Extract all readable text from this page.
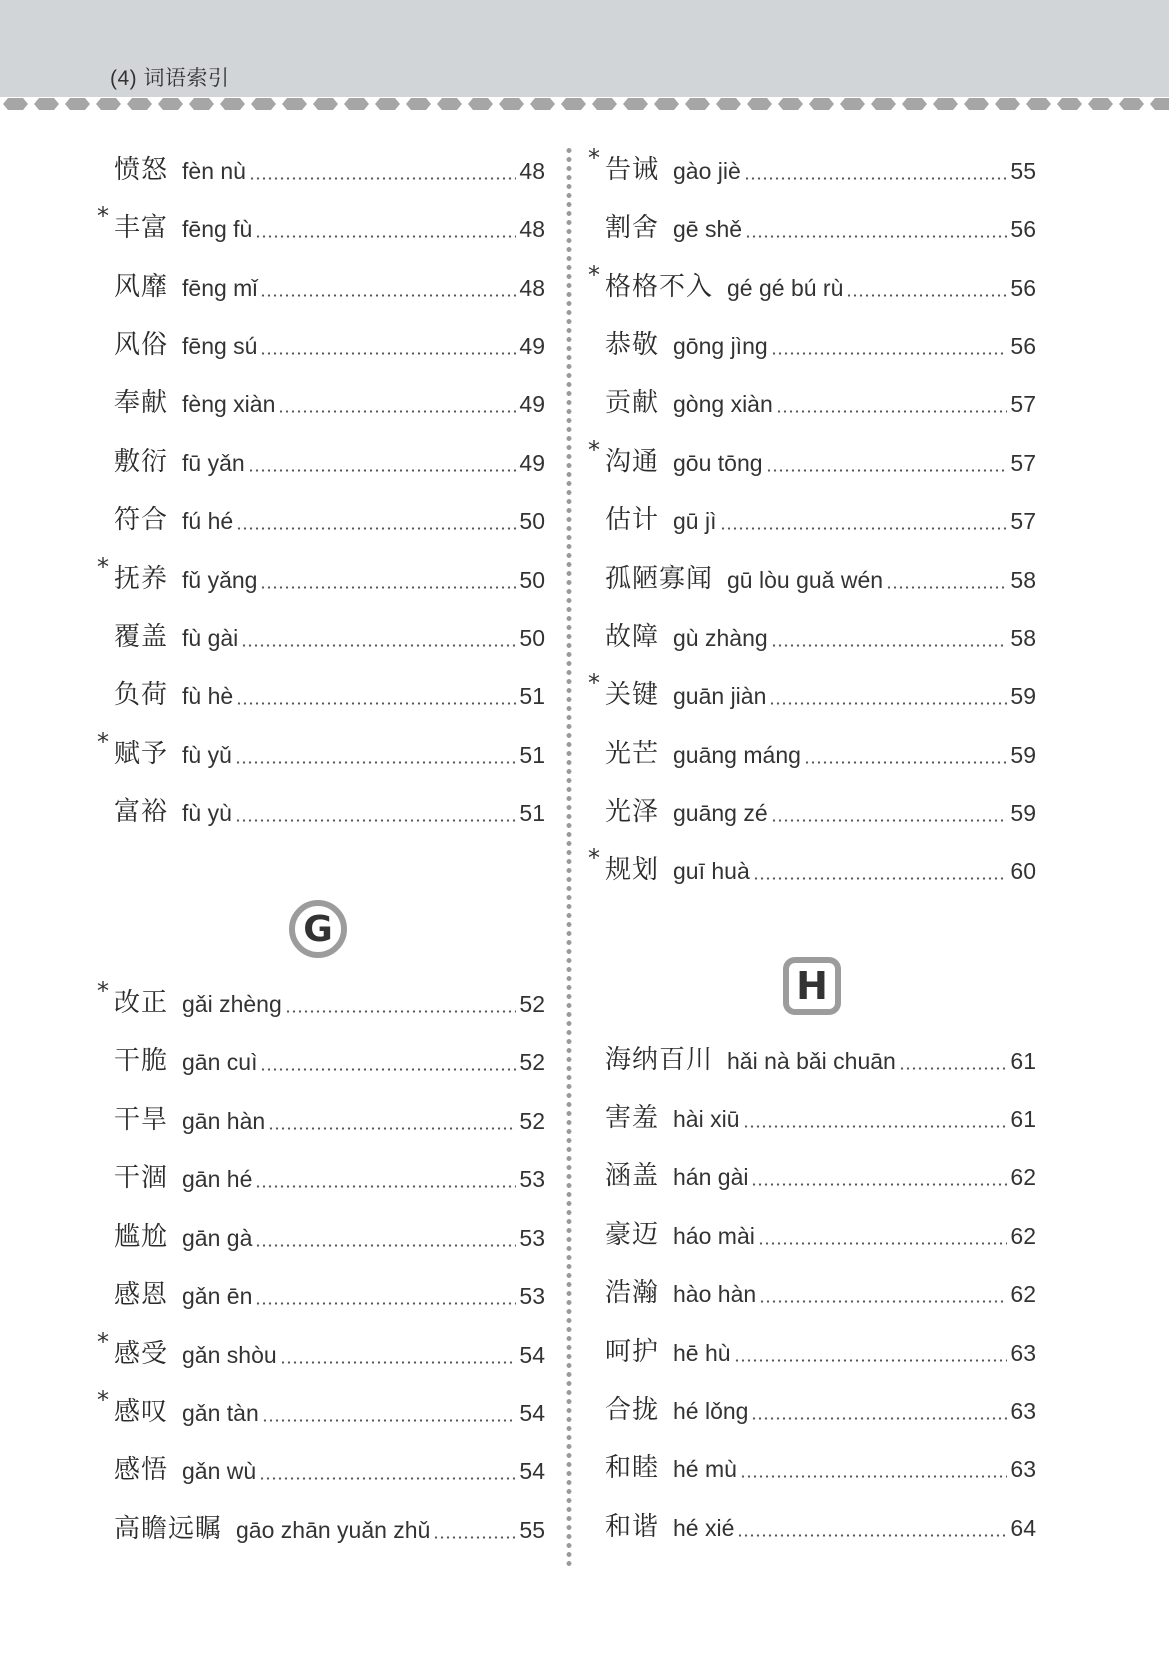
(4) 词语索引
愤怒 fèn nù	48
* 丰富 fēng fù	48
风靡 fēng mǐ	48
风俗 fēng sú	49
奉献 fèng xiàn	49
敷衍 fū yǎn	49
符合 fú hé	50
* 抚养 fǔ yǎng	50
覆盖 fù gài	50
负荷 fù hè	51
* 赋予 fù yǔ	51
富裕 fù yù	51
G
* 改正 gǎi zhèng	52
干脆 gān cuì	52
干旱 gān hàn	52
干涸 gān hé	53
尴尬 gān gà	53
感恩 gǎn ēn	53
* 感受 gǎn shòu	54
* 感叹 gǎn tàn	54
感悟 gǎn wù	54
高瞻远瞩 gāo zhān yuǎn zhǔ	55
* 告诫 gào jiè	55
割舍 gē shě	56
* 格格不入 gé gé bú rù	56
恭敬 gōng jìng	56
贡献 gòng xiàn	57
* 沟通 gōu tōng	57
估计 gū jì	57
孤陋寡闻 gū lòu guǎ wén	58
故障 gù zhàng	58
* 关键 guān jiàn	59
光芒 guāng máng	59
光泽 guāng zé	59
* 规划 guī huà	60
H
海纳百川 hǎi nà bǎi chuān	61
害羞 hài xiū	61
涵盖 hán gài	62
豪迈 háo mài	62
浩瀚 hào hàn	62
呵护 hē hù	63
合拢 hé lǒng	63
和睦 hé mù	63
和谐 hé xié	64
